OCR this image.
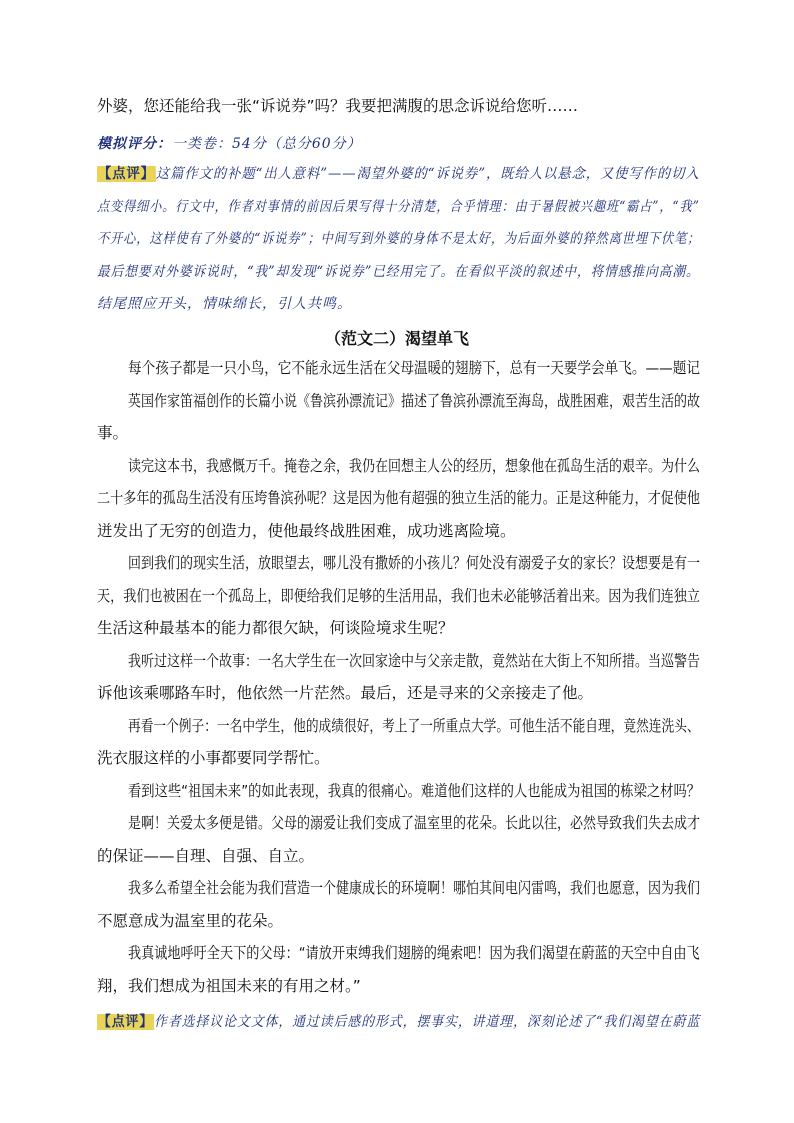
外婆，您还能给我一张“诉说券”吗？我要把满腹的思念诉说给您听……
模拟评分：一类卷：54分（总分60分）
【点评】这篇作文的补题“出人意料”——渴望外婆的“诉说券”，既给人以悬念，又使写作的切入
点变得细小。行文中，作者对事情的前因后果写得十分清楚，合乎情理：由于暑假被兴趣班“霸占”，“我”
不开心，这样使有了外婆的“诉说券”；中间写到外婆的身体不是太好，为后面外婆的猝然离世埋下伏笔；
最后想要对外婆诉说时，“我”却发现“诉说券”已经用完了。在看似平淡的叙述中，将情感推向高潮。
结尾照应开头，情味绵长，引人共鸣。
（范文二）渴望单飞
每个孩子都是一只小鸟，它不能永远生活在父母温暖的翅膀下，总有一天要学会单飞。——题记
英国作家笛福创作的长篇小说《鲁滨孙漂流记》描述了鲁滨孙漂流至海岛，战胜困难，艰苦生活的故
事。
读完这本书，我感慨万千。掩卷之余，我仍在回想主人公的经历，想象他在孤岛生活的艰辛。为什么
二十多年的孤岛生活没有压垮鲁滨孙呢？这是因为他有超强的独立生活的能力。正是这种能力，才促使他
迸发出了无穷的创造力，使他最终战胜困难，成功逃离险境。
回到我们的现实生活，放眼望去，哪儿没有撒娇的小孩儿？何处没有溺爱子女的家长？设想要是有一
天，我们也被困在一个孤岛上，即便给我们足够的生活用品，我们也未必能够活着出来。因为我们连独立
生活这种最基本的能力都很欠缺，何谈险境求生呢？
我听过这样一个故事：一名大学生在一次回家途中与父亲走散，竟然站在大街上不知所措。当巡警告
诉他该乘哪路车时，他依然一片茫然。最后，还是寻来的父亲接走了他。
再看一个例子：一名中学生，他的成绩很好，考上了一所重点大学。可他生活不能自理，竟然连洗头、
洗衣服这样的小事都要同学帮忙。
看到这些“祖国未来”的如此表现，我真的很痛心。难道他们这样的人也能成为祖国的栋梁之材吗？
是啊！关爱太多便是错。父母的溺爱让我们变成了温室里的花朵。长此以往，必然导致我们失去成才
的保证——自理、自强、自立。
我多么希望全社会能为我们营造一个健康成长的环境啊！哪怕其间电闪雷鸣，我们也愿意，因为我们
不愿意成为温室里的花朵。
我真诚地呼吁全天下的父母：“请放开束缚我们翅膀的绳索吧！因为我们渴望在蔚蓝的天空中自由飞
翔，我们想成为祖国未来的有用之材。”
【点评】作者选择议论文文体，通过读后感的形式，摆事实，讲道理，深刻论述了“我们渴望在蔚蓝
